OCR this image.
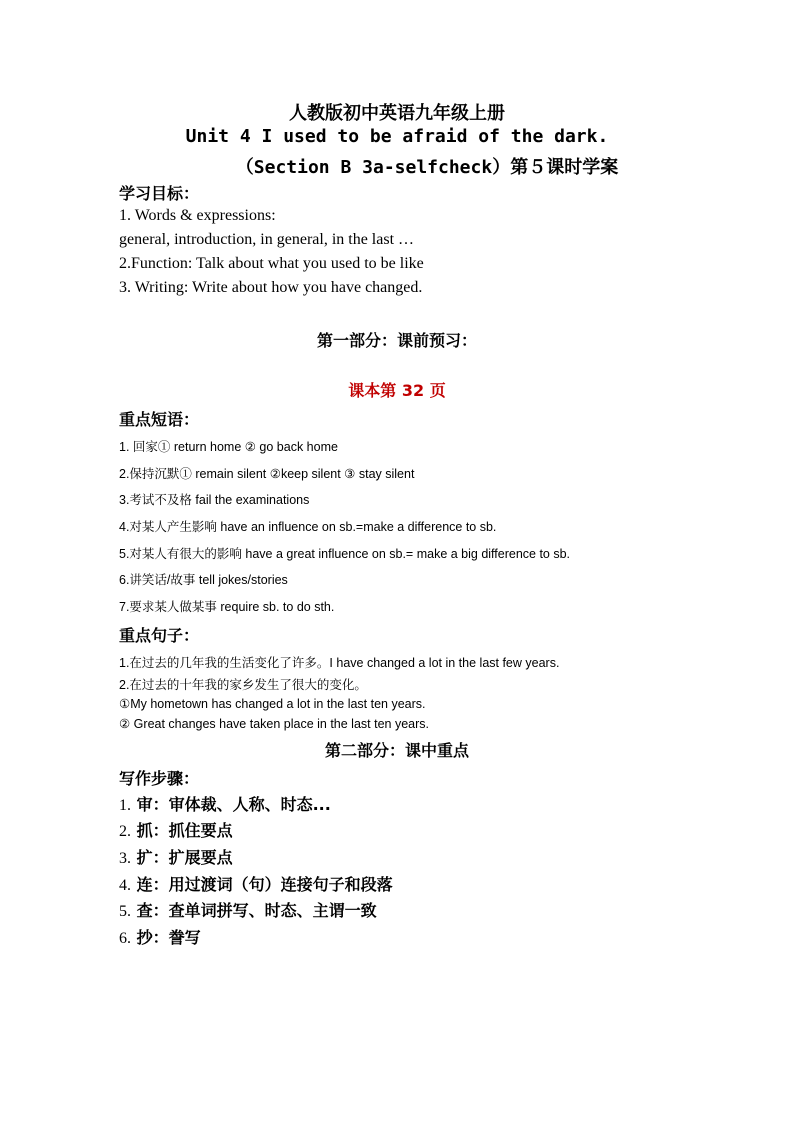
人教版初中英语九年级上册
Unit 4 I used to be afraid of the dark.
（Section B 3a-selfcheck）第５课时学案
学习目标：
1. Words & expressions:
general, introduction, in general, in the last …
2.Function: Talk about what you used to be like
3. Writing: Write about how you have changed.
第一部分：课前预习：
课本第 32 页
重点短语：
1. 回家① return home ② go back home
2.保持沉默① remain silent ②keep silent ③ stay silent
3.考试不及格 fail the examinations
4.对某人产生影响 have an influence on sb.=make a difference to sb.
5.对某人有很大的影响 have a great influence on sb.= make a big difference to sb.
6.讲笑话/故事 tell jokes/stories
7.要求某人做某事 require sb. to do sth.
重点句子：
1.在过去的几年我的生活变化了许多。I have changed a lot in the last few years.
2.在过去的十年我的家乡发生了很大的变化。
①My hometown has changed a lot in the last ten years.
② Great changes have taken place in the last ten years.
第二部分：课中重点
写作步骤：
1. 审：审体裁、人称、时态...
2. 抓：抓住要点
3. 扩：扩展要点
4. 连：用过渡词（句）连接句子和段落
5. 查：查单词拼写、时态、主谓一致
6. 抄：誊写
